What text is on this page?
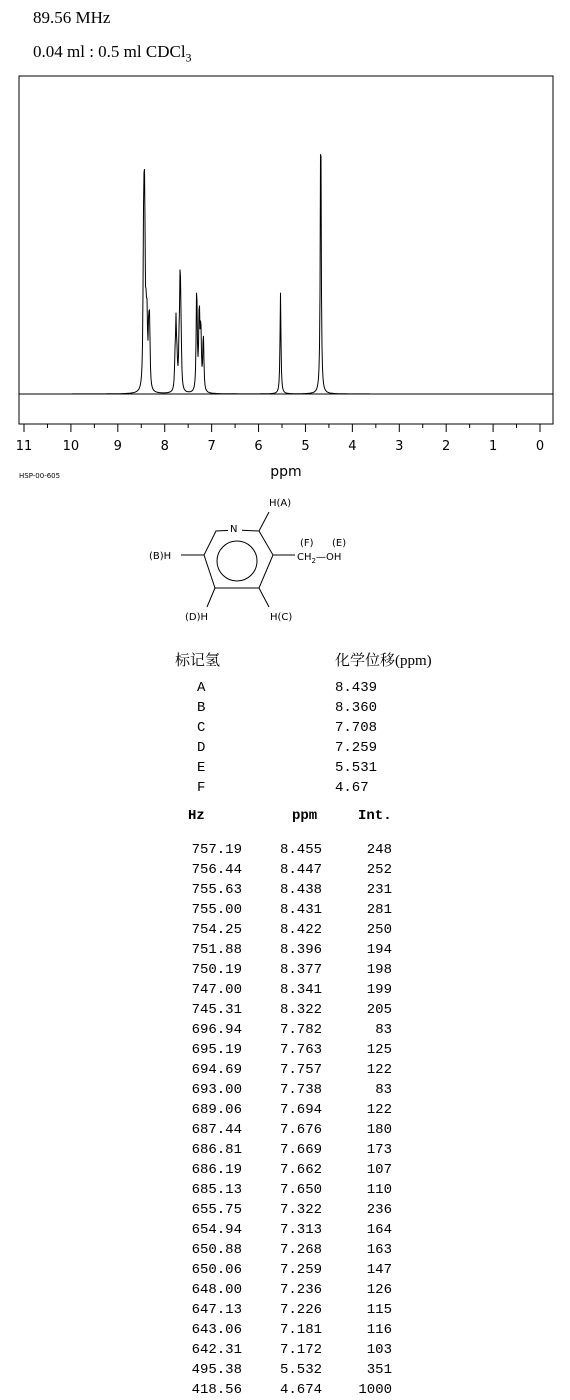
89.56 MHz
0.04 ml : 0.5 ml CDCl$_3$
11 10	9	8	7	6	5	4	3	2	1	0
HSP-00-605	ppm
N
H(A)
(B)H
H(C)
(D)H
(F) (E)
$CH_2—OH$
标记氢	化学位移(ppm)
A	8.439
B	8.360
C	7.708
D	7.259
E	5.531
F	4.67
Hz	ppm	Int.
757.19	8.455	248
756.44	8.447	252
755.63	8.438	231
755.00	8.431	281
754.25	8.422	250
751.88	8.396	194
750.19	8.377	198
747.00	8.341	199
745.31	8.322	205
696.94	7.782	83
695.19	7.763	125
694.69	7.757	122
693.00	7.738	83
689.06	7.694	122
687.44	7.676	180
686.81	7.669	173
686.19	7.662	107
685.13	7.650	110
655.75	7.322	236
654.94	7.313	164
650.88	7.268	163
650.06	7.259	147
648.00	7.236	126
647.13	7.226	115
643.06	7.181	116
642.31	7.172	103
495.38	5.532	351
418.56	4.674	1000
